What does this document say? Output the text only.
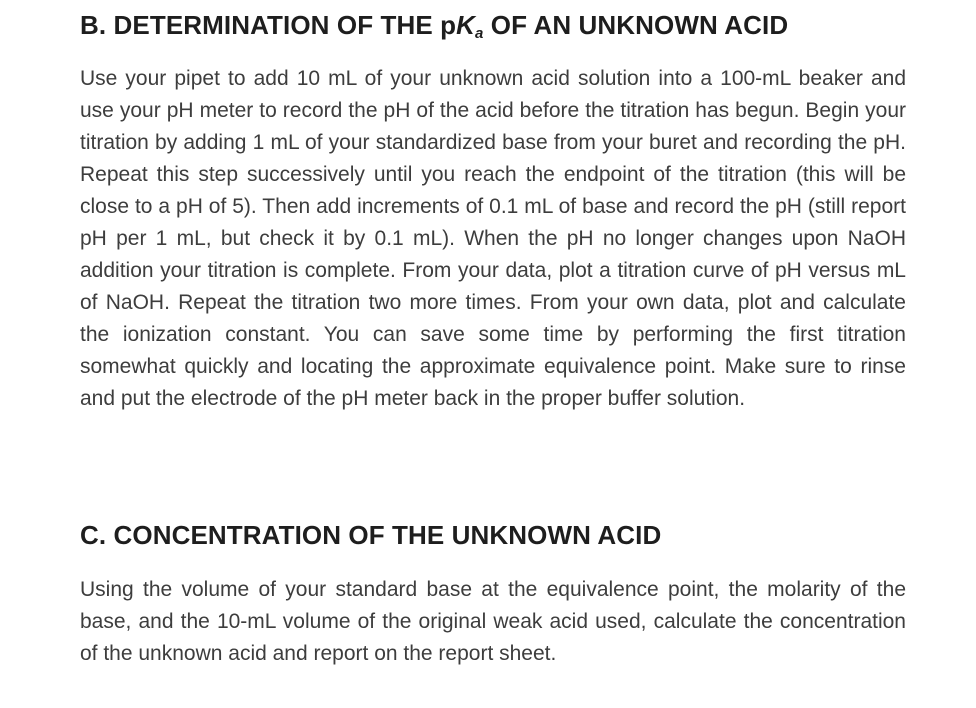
B. DETERMINATION OF THE $pK_a$ OF AN UNKNOWN ACID

Use your pipet to add 10 mL of your unknown acid solution into a 100-mL beaker and use your pH meter to record the pH of the acid before the titration has begun. Begin your titration by adding 1 mL of your standardized base from your buret and recording the pH. Repeat this step successively until you reach the endpoint of the titration (this will be close to a pH of 5). Then add increments of 0.1 mL of base and record the pH (still report pH per 1 mL, but check it by 0.1 mL). When the pH no longer changes upon NaOH addition your titration is complete. From your data, plot a titration curve of pH versus mL of NaOH. Repeat the titration two more times. From your own data, plot and calculate the ionization constant. You can save some time by performing the first titration somewhat quickly and locating the approximate equivalence point. Make sure to rinse and put the electrode of the pH meter back in the proper buffer solution.

C. CONCENTRATION OF THE UNKNOWN ACID

Using the volume of your standard base at the equivalence point, the molarity of the base, and the 10-mL volume of the original weak acid used, calculate the concentration of the unknown acid and report on the report sheet.
